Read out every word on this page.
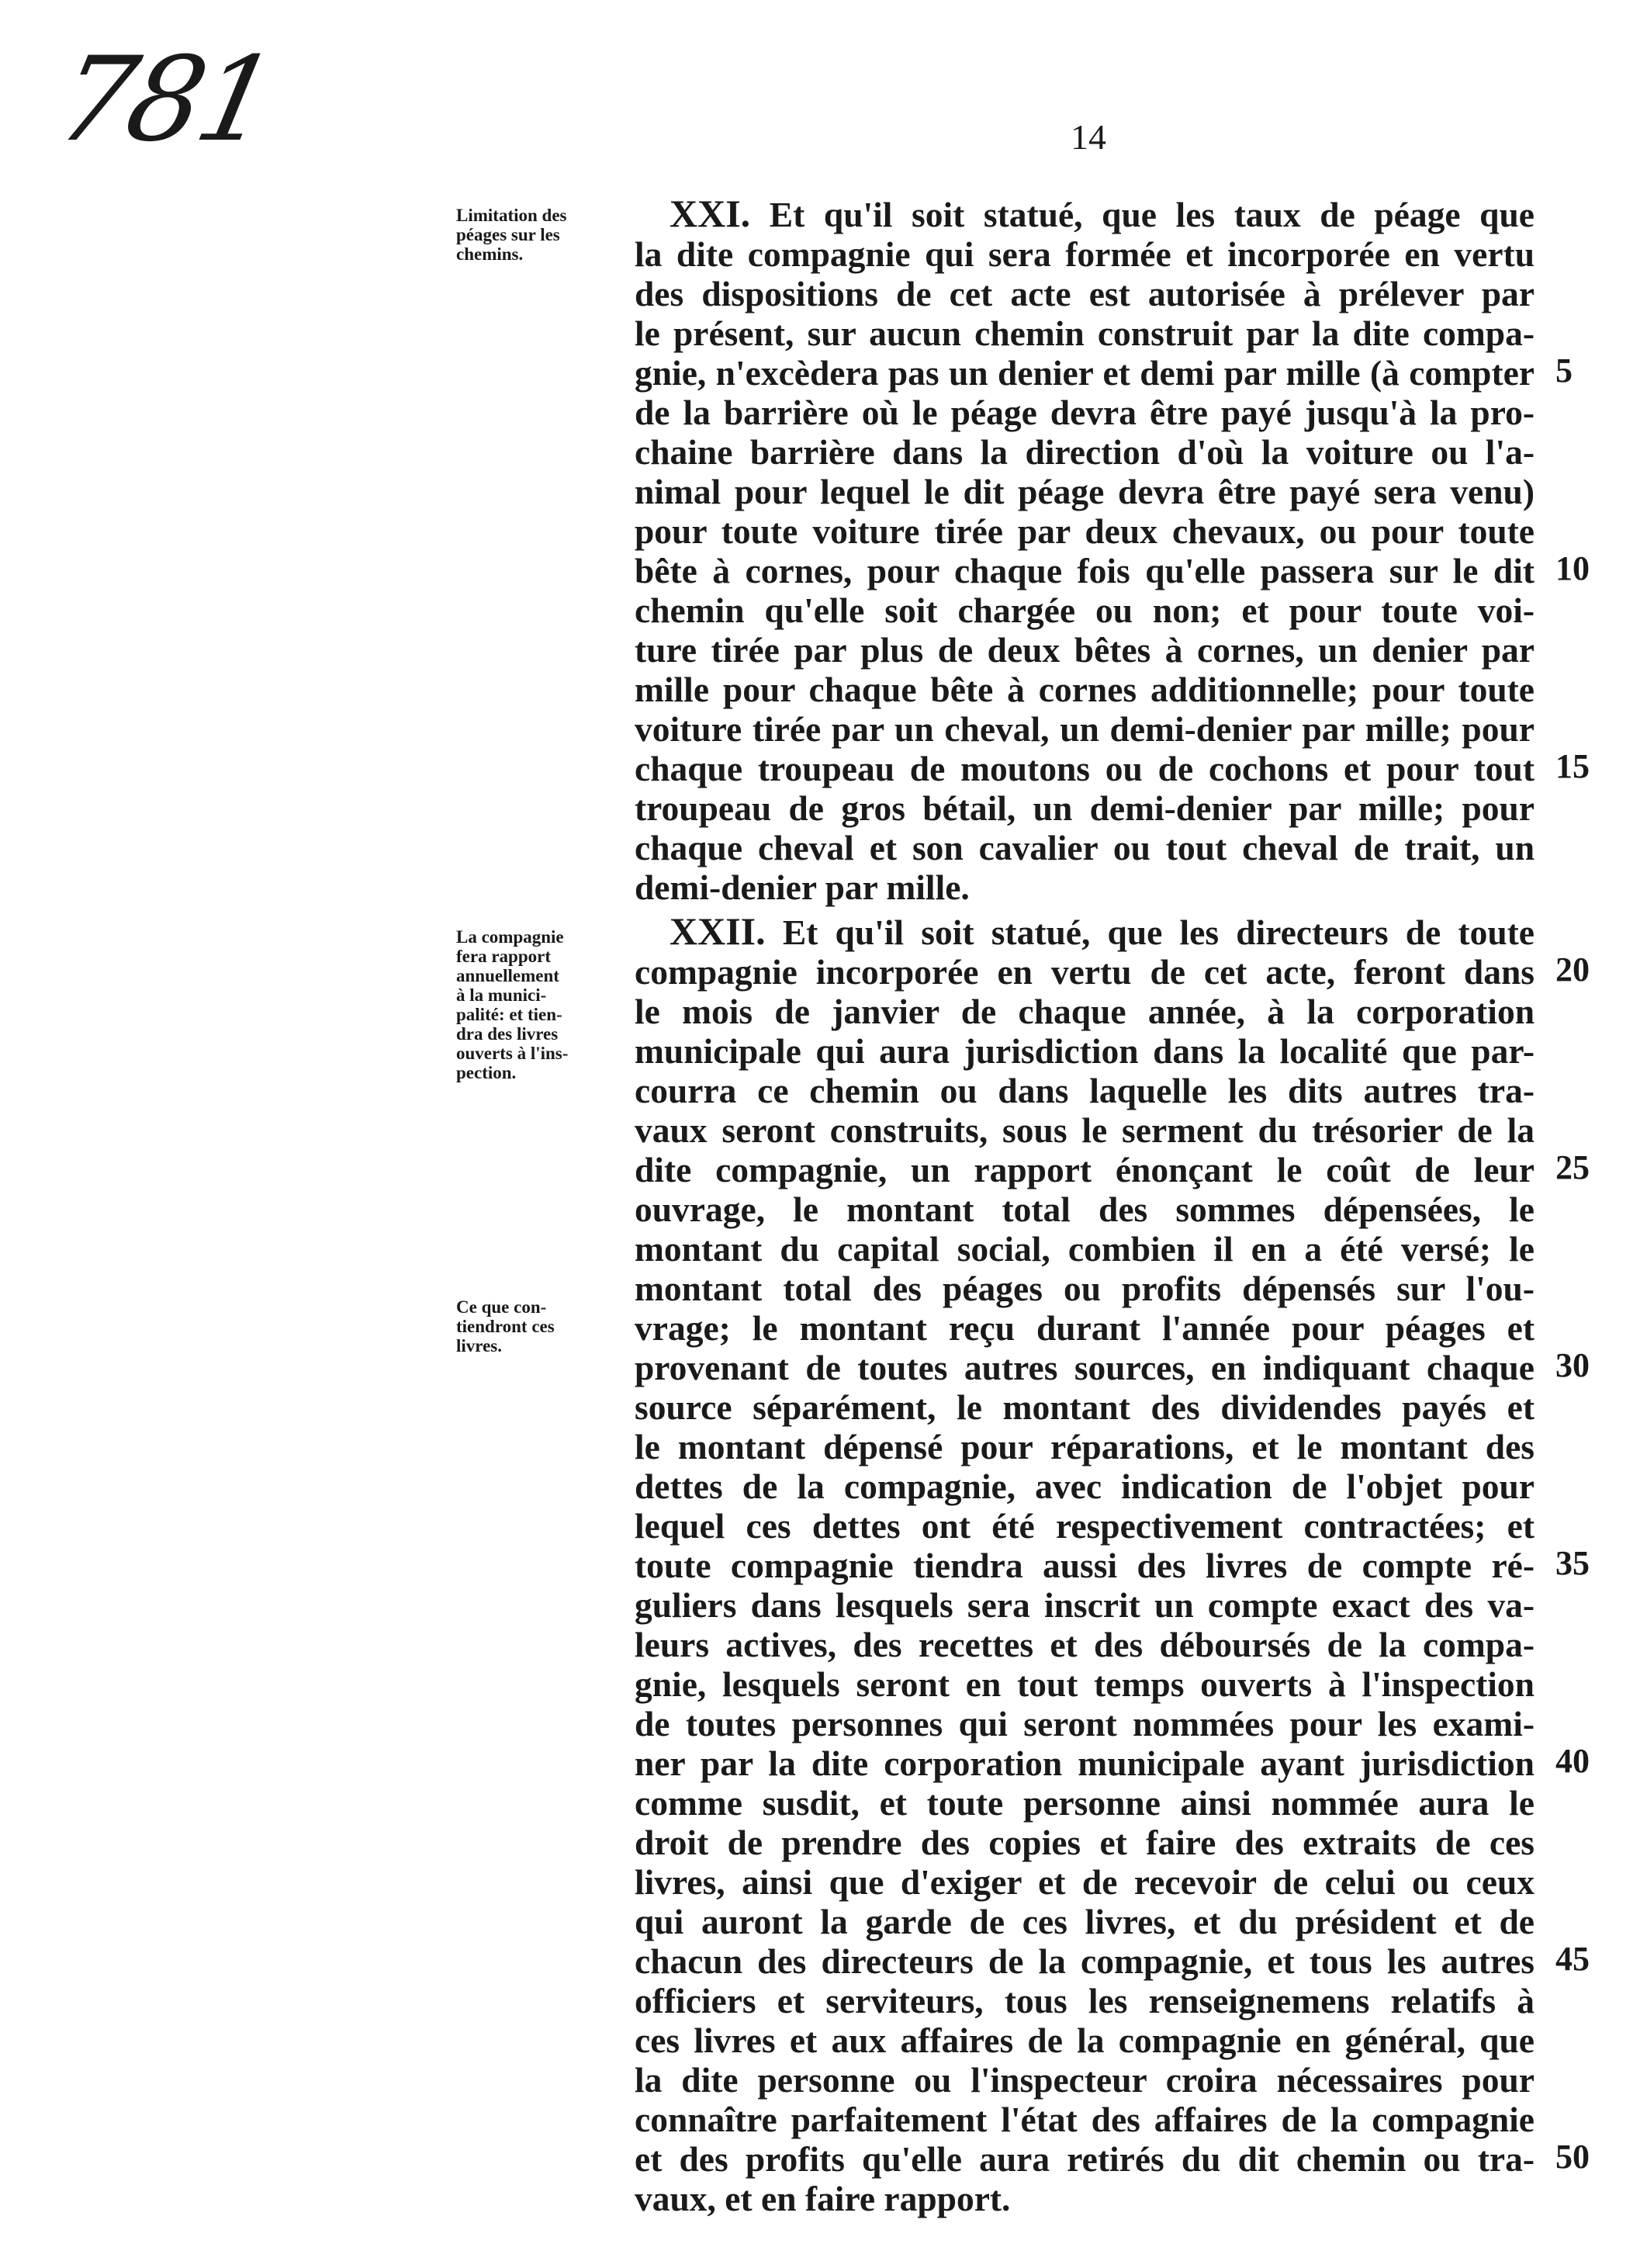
781	14
Limitation des
péages sur les
chemins.
XXI. Et qu'il soit statué, que les taux de péage que
la dite compagnie qui sera formée et incorporée en vertu
des dispositions de cet acte est autorisée à prélever par
le présent, sur aucun chemin construit par la dite compa-
gnie, n'excèdera pas un denier et demi par mille (à compter
de la barrière où le péage devra être payé jusqu'à la pro-
chaine barrière dans la direction d'où la voiture ou l'a-
nimal pour lequel le dit péage devra être payé sera venu)
pour toute voiture tirée par deux chevaux, ou pour toute
bête à cornes, pour chaque fois qu'elle passera sur le dit
chemin qu'elle soit chargée ou non; et pour toute voi-
ture tirée par plus de deux bêtes à cornes, un denier par
mille pour chaque bête à cornes additionnelle; pour toute
voiture tirée par un cheval, un demi-denier par mille; pour
chaque troupeau de moutons ou de cochons et pour tout
troupeau de gros bétail, un demi-denier par mille; pour
chaque cheval et son cavalier ou tout cheval de trait, un
demi-denier par mille.
La compagnie
fera rapport
annuellement
à la munici-
palité: et tien-
dra des livres
ouverts à l'ins-
pection.
Ce que con-
tiendront ces
livres.
XXII. Et qu'il soit statué, que les directeurs de toute
compagnie incorporée en vertu de cet acte, feront dans
le mois de janvier de chaque année, à la corporation
municipale qui aura jurisdiction dans la localité que par-
courra ce chemin ou dans laquelle les dits autres tra-
vaux seront construits, sous le serment du trésorier de la
dite compagnie, un rapport énonçant le coût de leur
ouvrage, le montant total des sommes dépensées, le
montant du capital social, combien il en a été versé; le
montant total des péages ou profits dépensés sur l'ou-
vrage; le montant reçu durant l'année pour péages et
provenant de toutes autres sources, en indiquant chaque
source séparément, le montant des dividendes payés et
le montant dépensé pour réparations, et le montant des
dettes de la compagnie, avec indication de l'objet pour
lequel ces dettes ont été respectivement contractées; et
toute compagnie tiendra aussi des livres de compte ré-
guliers dans lesquels sera inscrit un compte exact des va-
leurs actives, des recettes et des déboursés de la compa-
gnie, lesquels seront en tout temps ouverts à l'inspection
de toutes personnes qui seront nommées pour les exami-
ner par la dite corporation municipale ayant jurisdiction
comme susdit, et toute personne ainsi nommée aura le
droit de prendre des copies et faire des extraits de ces
livres, ainsi que d'exiger et de recevoir de celui ou ceux
qui auront la garde de ces livres, et du président et de
chacun des directeurs de la compagnie, et tous les autres
officiers et serviteurs, tous les renseignemens relatifs à
ces livres et aux affaires de la compagnie en général, que
la dite personne ou l'inspecteur croira nécessaires pour
connaître parfaitement l'état des affaires de la compagnie
et des profits qu'elle aura retirés du dit chemin ou tra-
vaux, et en faire rapport.
5
10
15
20
25
30
35
40
45
50
